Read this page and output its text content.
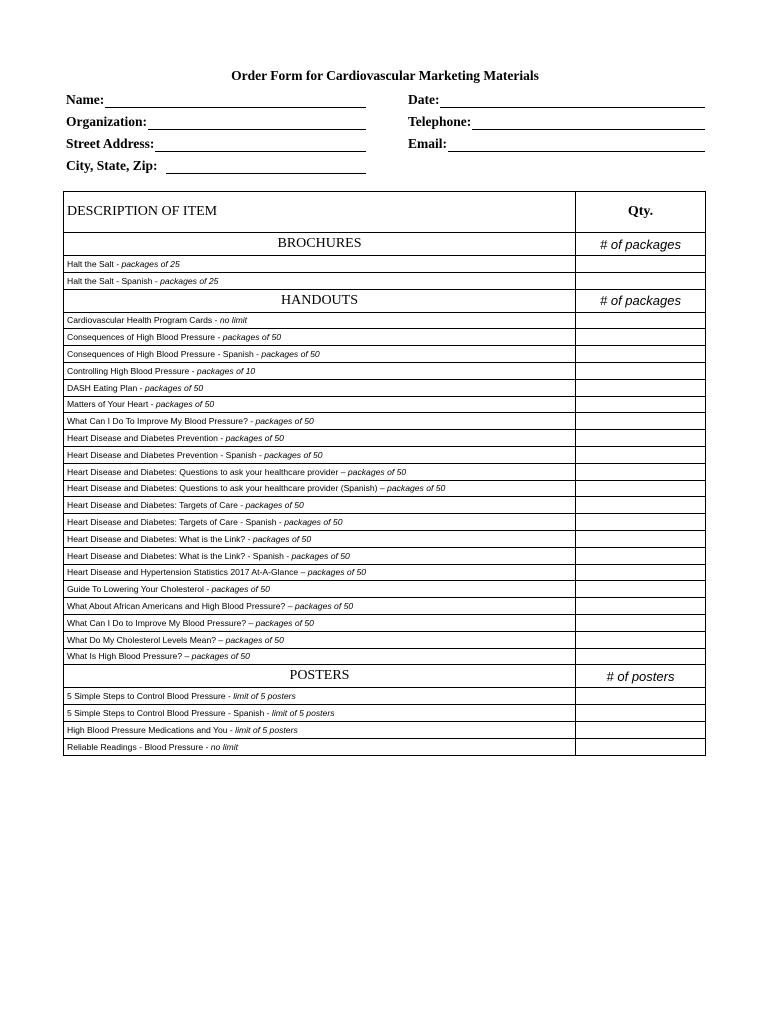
Order Form for Cardiovascular Marketing Materials
Name:
Organization:
Street Address:
City, State, Zip:
Date:
Telephone:
Email:
DESCRIPTION OF ITEM	Qty.
BROCHURES	# of packages
Halt the Salt - packages of 25	
Halt the Salt - Spanish - packages of 25	
HANDOUTS	# of packages
Cardiovascular Health Program Cards - no limit	
Consequences of High Blood Pressure - packages of 50	
Consequences of High Blood Pressure - Spanish - packages of 50	
Controlling High Blood Pressure - packages of 10	
DASH Eating Plan - packages of 50	
Matters of Your Heart - packages of 50	
What Can I Do To Improve My Blood Pressure? - packages of 50	
Heart Disease and Diabetes Prevention - packages of 50	
Heart Disease and Diabetes Prevention - Spanish - packages of 50	
Heart Disease and Diabetes: Questions to ask your healthcare provider – packages of 50	
Heart Disease and Diabetes: Questions to ask your healthcare provider (Spanish) – packages of 50	
Heart Disease and Diabetes: Targets of Care - packages of 50	
Heart Disease and Diabetes: Targets of Care - Spanish - packages of 50	
Heart Disease and Diabetes: What is the Link? - packages of 50	
Heart Disease and Diabetes: What is the Link? - Spanish - packages of 50	
Heart Disease and Hypertension Statistics 2017 At-A-Glance – packages of 50	
Guide To Lowering Your Cholesterol - packages of 50	
What About African Americans and High Blood Pressure? – packages of 50	
What Can I Do to Improve My Blood Pressure? – packages of 50	
What Do My Cholesterol Levels Mean? – packages of 50	
What Is High Blood Pressure? – packages of 50	
POSTERS	# of posters
5 Simple Steps to Control Blood Pressure - limit of 5 posters	
5 Simple Steps to Control Blood Pressure - Spanish - limit of 5 posters	
High Blood Pressure Medications and You - limit of 5 posters	
Reliable Readings - Blood Pressure - no limit	
